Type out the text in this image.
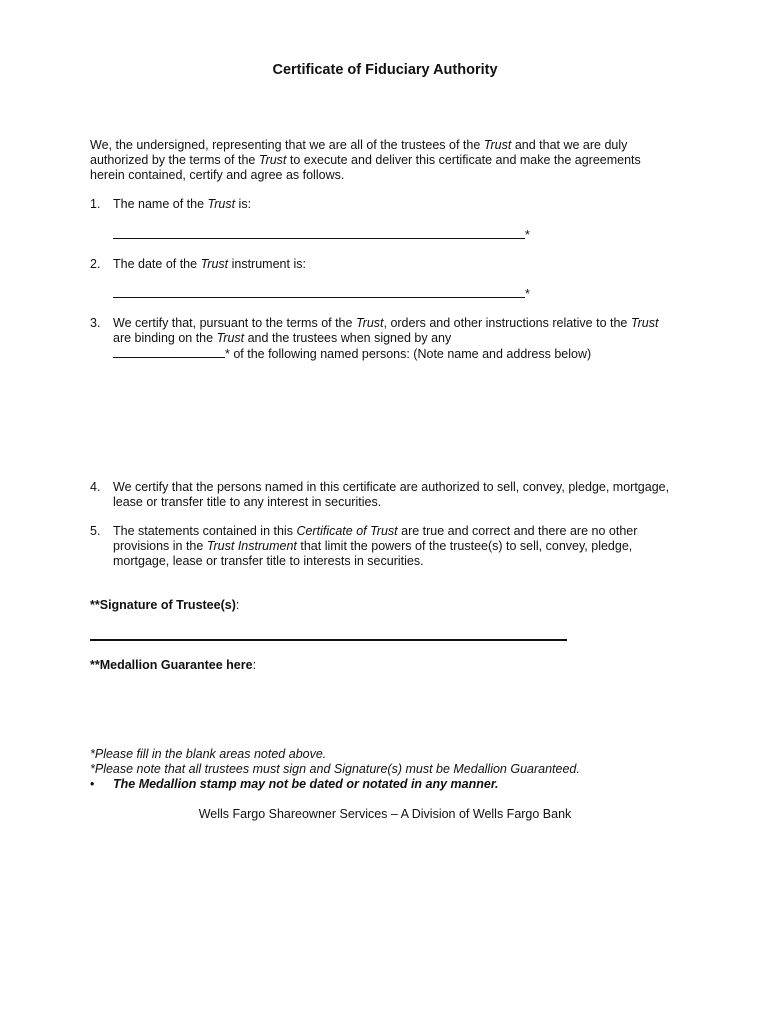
Certificate of Fiduciary Authority
We, the undersigned, representing that we are all of the trustees of the Trust and that we are duly
authorized by the terms of the Trust to execute and deliver this certificate and make the agreements
herein contained, certify and agree as follows.
1.	The name of the Trust is:
*
2.	The date of the Trust instrument is:
*
3.	We certify that, pursuant to the terms of the Trust, orders and other instructions relative to the Trust
are binding on the Trust and the trustees when signed by any
* of the following named persons: (Note name and address below)
4.	We certify that the persons named in this certificate are authorized to sell, convey, pledge, mortgage,
lease or transfer title to any interest in securities.
5.	The statements contained in this Certificate of Trust are true and correct and there are no other
provisions in the Trust Instrument that limit the powers of the trustee(s) to sell, convey, pledge,
mortgage, lease or transfer title to interests in securities.
**Signature of Trustee(s):
**Medallion Guarantee here:
*Please fill in the blank areas noted above.
*Please note that all trustees must sign and Signature(s) must be Medallion Guaranteed.
• The Medallion stamp may not be dated or notated in any manner.
Wells Fargo Shareowner Services – A Division of Wells Fargo Bank
